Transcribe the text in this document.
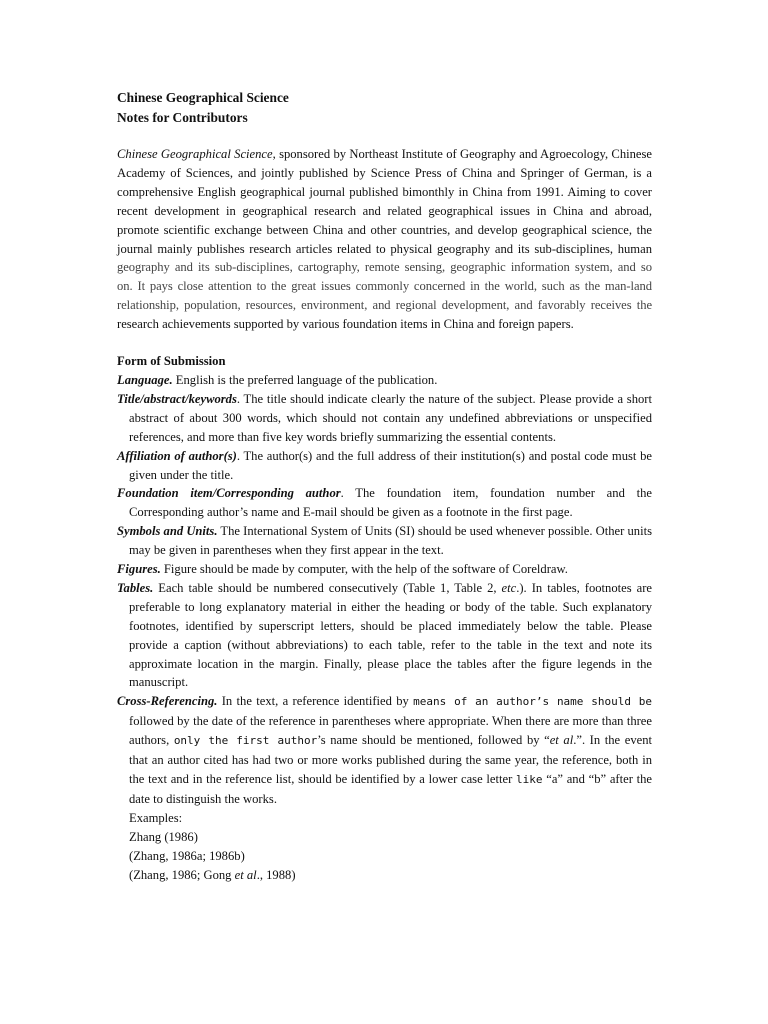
Chinese Geographical Science

Notes for Contributors

Chinese Geographical Science, sponsored by Northeast Institute of Geography and Agroecology, Chinese Academy of Sciences, and jointly published by Science Press of China and Springer of German, is a comprehensive English geographical journal published bimonthly in China from 1991. Aiming to cover recent development in geographical research and related geographical issues in China and abroad, promote scientific exchange between China and other countries, and develop geographical science, the journal mainly publishes research articles related to physical geography and its sub-disciplines, human geography and its sub-disciplines, cartography, remote sensing, geographic information system, and so on. It pays close attention to the great issues commonly concerned in the world, such as the man-land relationship, population, resources, environment, and regional development, and favorably receives the research achievements supported by various foundation items in China and foreign papers.
Form of Submission
Language. English is the preferred language of the publication.
Title/abstract/keywords. The title should indicate clearly the nature of the subject. Please provide a short abstract of about 300 words, which should not contain any undefined abbreviations or unspecified references, and more than five key words briefly summarizing the essential contents.
Affiliation of author(s). The author(s) and the full address of their institution(s) and postal code must be given under the title.
Foundation item/Corresponding author. The foundation item, foundation number and the Corresponding author’s name and E-mail should be given as a footnote in the first page.
Symbols and Units. The International System of Units (SI) should be used whenever possible. Other units may be given in parentheses when they first appear in the text.
Figures. Figure should be made by computer, with the help of the software of Coreldraw.
Tables. Each table should be numbered consecutively (Table 1, Table 2, etc.). In tables, footnotes are preferable to long explanatory material in either the heading or body of the table. Such explanatory footnotes, identified by superscript letters, should be placed immediately below the table. Please provide a caption (without abbreviations) to each table, refer to the table in the text and note its approximate location in the margin. Finally, please place the tables after the figure legends in the manuscript.
Cross-Referencing. In the text, a reference identified by means of an author’s name should be followed by the date of the reference in parentheses where appropriate. When there are more than three authors, only the first author’s name should be mentioned, followed by “et al.”. In the event that an author cited has had two or more works published during the same year, the reference, both in the text and in the reference list, should be identified by a lower case letter like “a” and “b” after the date to distinguish the works.
Examples:
Zhang (1986)
(Zhang, 1986a; 1986b)
(Zhang, 1986; Gong et al., 1988)
